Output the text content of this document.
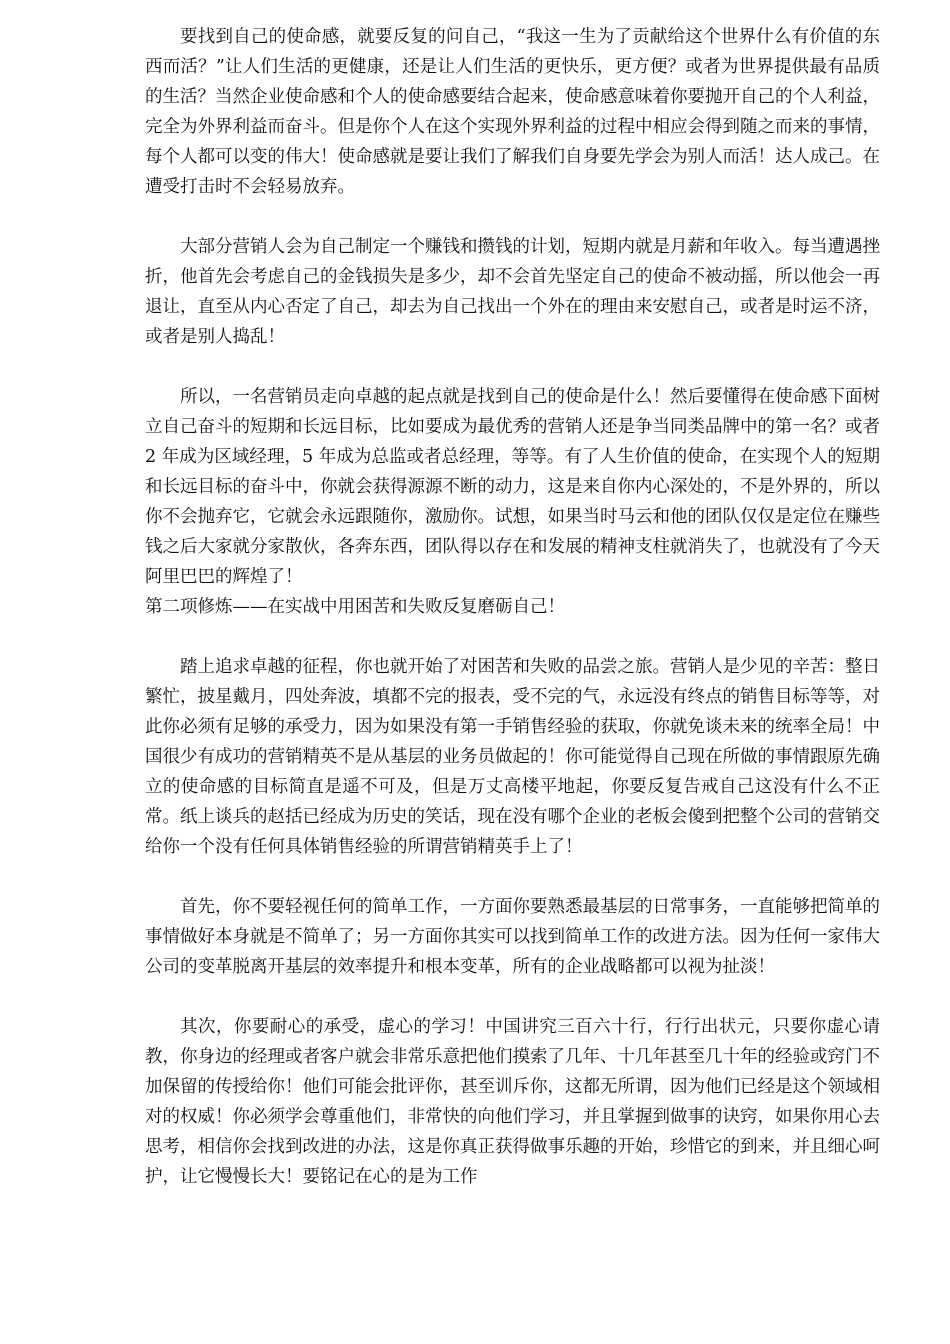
要找到自己的使命感，就要反复的问自己，“我这一生为了贡献给这个世界什么有价值的东西而活？”让人们生活的更健康，还是让人们生活的更快乐，更方便？或者为世界提供最有品质的生活？当然企业使命感和个人的使命感要结合起来，使命感意味着你要抛开自己的个人利益，完全为外界利益而奋斗。但是你个人在这个实现外界利益的过程中相应会得到随之而来的事情，每个人都可以变的伟大！使命感就是要让我们了解我们自身要先学会为别人而活！达人成己。在遭受打击时不会轻易放弃。

大部分营销人会为自己制定一个赚钱和攒钱的计划，短期内就是月薪和年收入。每当遭遇挫折，他首先会考虑自己的金钱损失是多少，却不会首先坚定自己的使命不被动摇，所以他会一再退让，直至从内心否定了自己，却去为自己找出一个外在的理由来安慰自己，或者是时运不济，或者是别人捣乱！

所以，一名营销员走向卓越的起点就是找到自己的使命是什么！然后要懂得在使命感下面树立自己奋斗的短期和长远目标，比如要成为最优秀的营销人还是争当同类品牌中的第一名？或者 2 年成为区域经理，5 年成为总监或者总经理，等等。有了人生价值的使命，在实现个人的短期和长远目标的奋斗中，你就会获得源源不断的动力，这是来自你内心深处的，不是外界的，所以你不会抛弃它，它就会永远跟随你，激励你。试想，如果当时马云和他的团队仅仅是定位在赚些钱之后大家就分家散伙，各奔东西，团队得以存在和发展的精神支柱就消失了，也就没有了今天阿里巴巴的辉煌了！

第二项修炼——在实战中用困苦和失败反复磨砺自己！

踏上追求卓越的征程，你也就开始了对困苦和失败的品尝之旅。营销人是少见的辛苦：整日繁忙，披星戴月，四处奔波，填都不完的报表，受不完的气，永远没有终点的销售目标等等，对此你必须有足够的承受力，因为如果没有第一手销售经验的获取，你就免谈未来的统率全局！中国很少有成功的营销精英不是从基层的业务员做起的！你可能觉得自己现在所做的事情跟原先确立的使命感的目标简直是遥不可及，但是万丈高楼平地起，你要反复告戒自己这没有什么不正常。纸上谈兵的赵括已经成为历史的笑话，现在没有哪个企业的老板会傻到把整个公司的营销交给你一个没有任何具体销售经验的所谓营销精英手上了！

首先，你不要轻视任何的简单工作，一方面你要熟悉最基层的日常事务，一直能够把简单的事情做好本身就是不简单了；另一方面你其实可以找到简单工作的改进方法。因为任何一家伟大公司的变革脱离开基层的效率提升和根本变革，所有的企业战略都可以视为扯淡！

其次，你要耐心的承受，虚心的学习！中国讲究三百六十行，行行出状元，只要你虚心请教，你身边的经理或者客户就会非常乐意把他们摸索了几年、十几年甚至几十年的经验或窍门不加保留的传授给你！他们可能会批评你，甚至训斥你，这都无所谓，因为他们已经是这个领域相对的权威！你必须学会尊重他们，非常快的向他们学习，并且掌握到做事的诀窍，如果你用心去思考，相信你会找到改进的办法，这是你真正获得做事乐趣的开始，珍惜它的到来，并且细心呵护，让它慢慢长大！要铭记在心的是为工作
